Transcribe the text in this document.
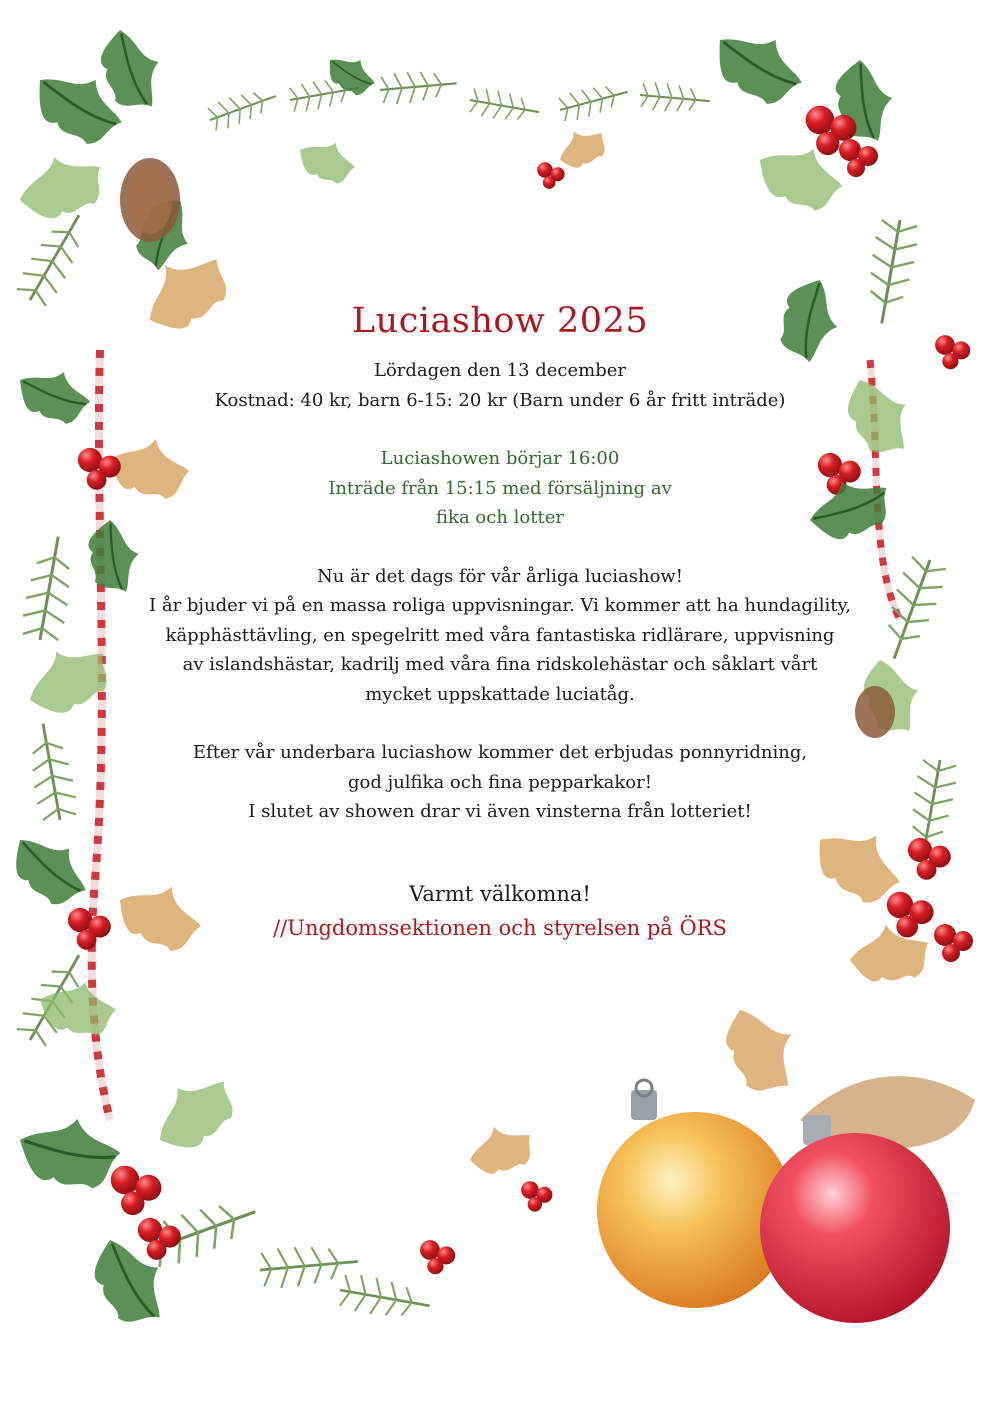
Luciashow 2025

Lördagen den 13 december

Kostnad: 40 kr, barn 6-15: 20 kr (Barn under 6 år fritt inträde)

Luciashowen börjar 16:00

Inträde från 15:15 med försäljning av

fika och lotter

Nu är det dags för vår årliga luciashow!

I år bjuder vi på en massa roliga uppvisningar. Vi kommer att ha hundagility,

käpphästtävling, en spegelritt med våra fantastiska ridlärare, uppvisning

av islandshästar, kadrilj med våra fina ridskolehästar och såklart vårt

mycket uppskattade luciatåg.

Efter vår underbara luciashow kommer det erbjudas ponnyridning,

god julfika och fina pepparkakor!

I slutet av showen drar vi även vinsterna från lotteriet!

Varmt välkomna!

//Ungdomssektionen och styrelsen på ÖRS
